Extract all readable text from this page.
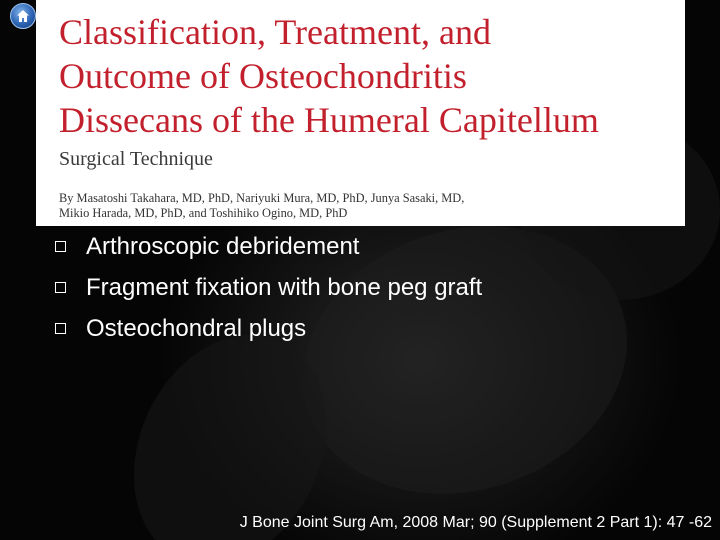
Classification, Treatment, and
Outcome of Osteochondritis
Dissecans of the Humeral Capitellum
Surgical Technique
By Masatoshi Takahara, MD, PhD, Nariyuki Mura, MD, PhD, Junya Sasaki, MD,
Mikio Harada, MD, PhD, and Toshihiko Ogino, MD, PhD
Arthroscopic debridement
Fragment fixation with bone peg graft
Osteochondral plugs
J Bone Joint Surg Am, 2008 Mar; 90 (Supplement 2 Part 1): 47 -62
